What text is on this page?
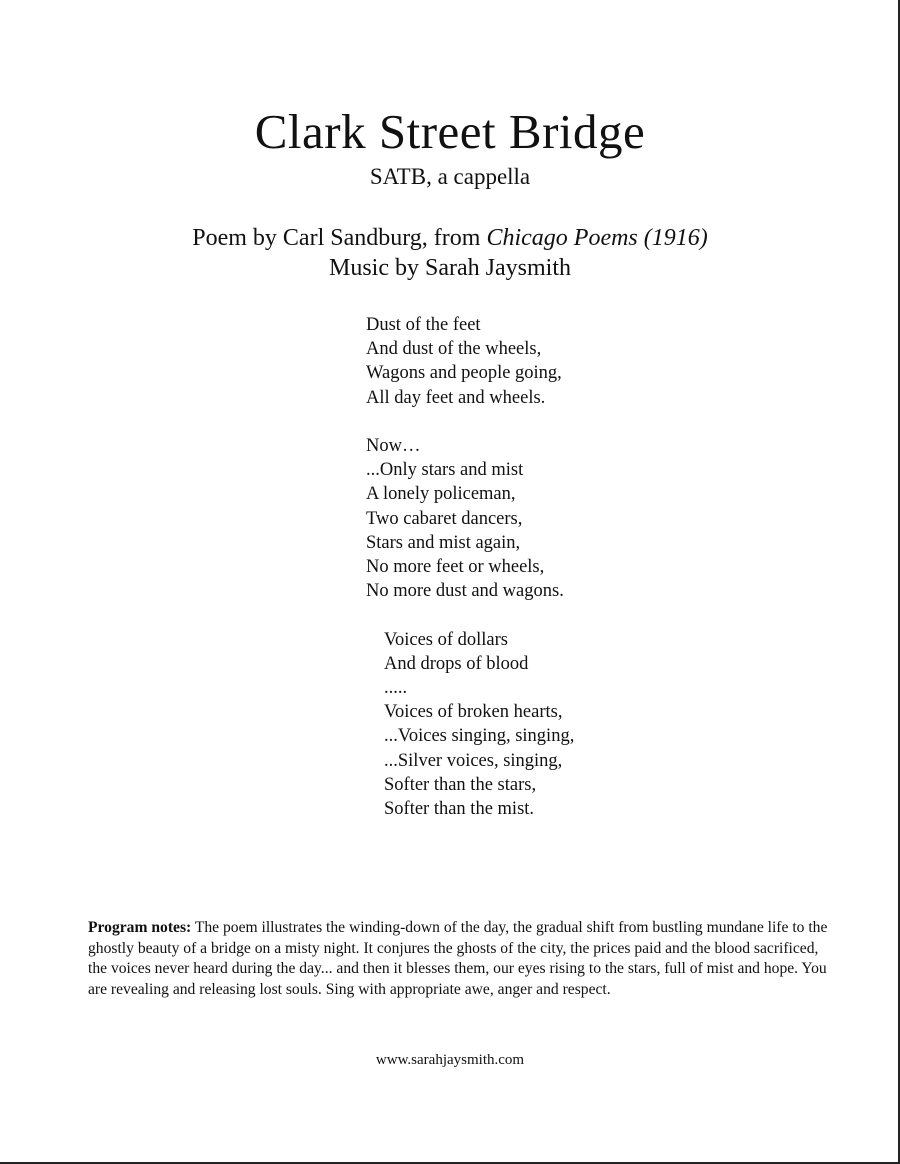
Clark Street Bridge
SATB, a cappella
Poem by Carl Sandburg, from Chicago Poems (1916)
Music by Sarah Jaysmith
Dust of the feet
And dust of the wheels,
Wagons and people going,
All day feet and wheels.
Now…
...Only stars and mist
A lonely policeman,
Two cabaret dancers,
Stars and mist again,
No more feet or wheels,
No more dust and wagons.
Voices of dollars
And drops of blood
.....
Voices of broken hearts,
...Voices singing, singing,
...Silver voices, singing,
Softer than the stars,
Softer than the mist.
Program notes: The poem illustrates the winding-down of the day, the gradual shift from bustling mundane life to the ghostly beauty of a bridge on a misty night. It conjures the ghosts of the city, the prices paid and the blood sacrificed, the voices never heard during the day... and then it blesses them, our eyes rising to the stars, full of mist and hope. You are revealing and releasing lost souls. Sing with appropriate awe, anger and respect.
www.sarahjaysmith.com
